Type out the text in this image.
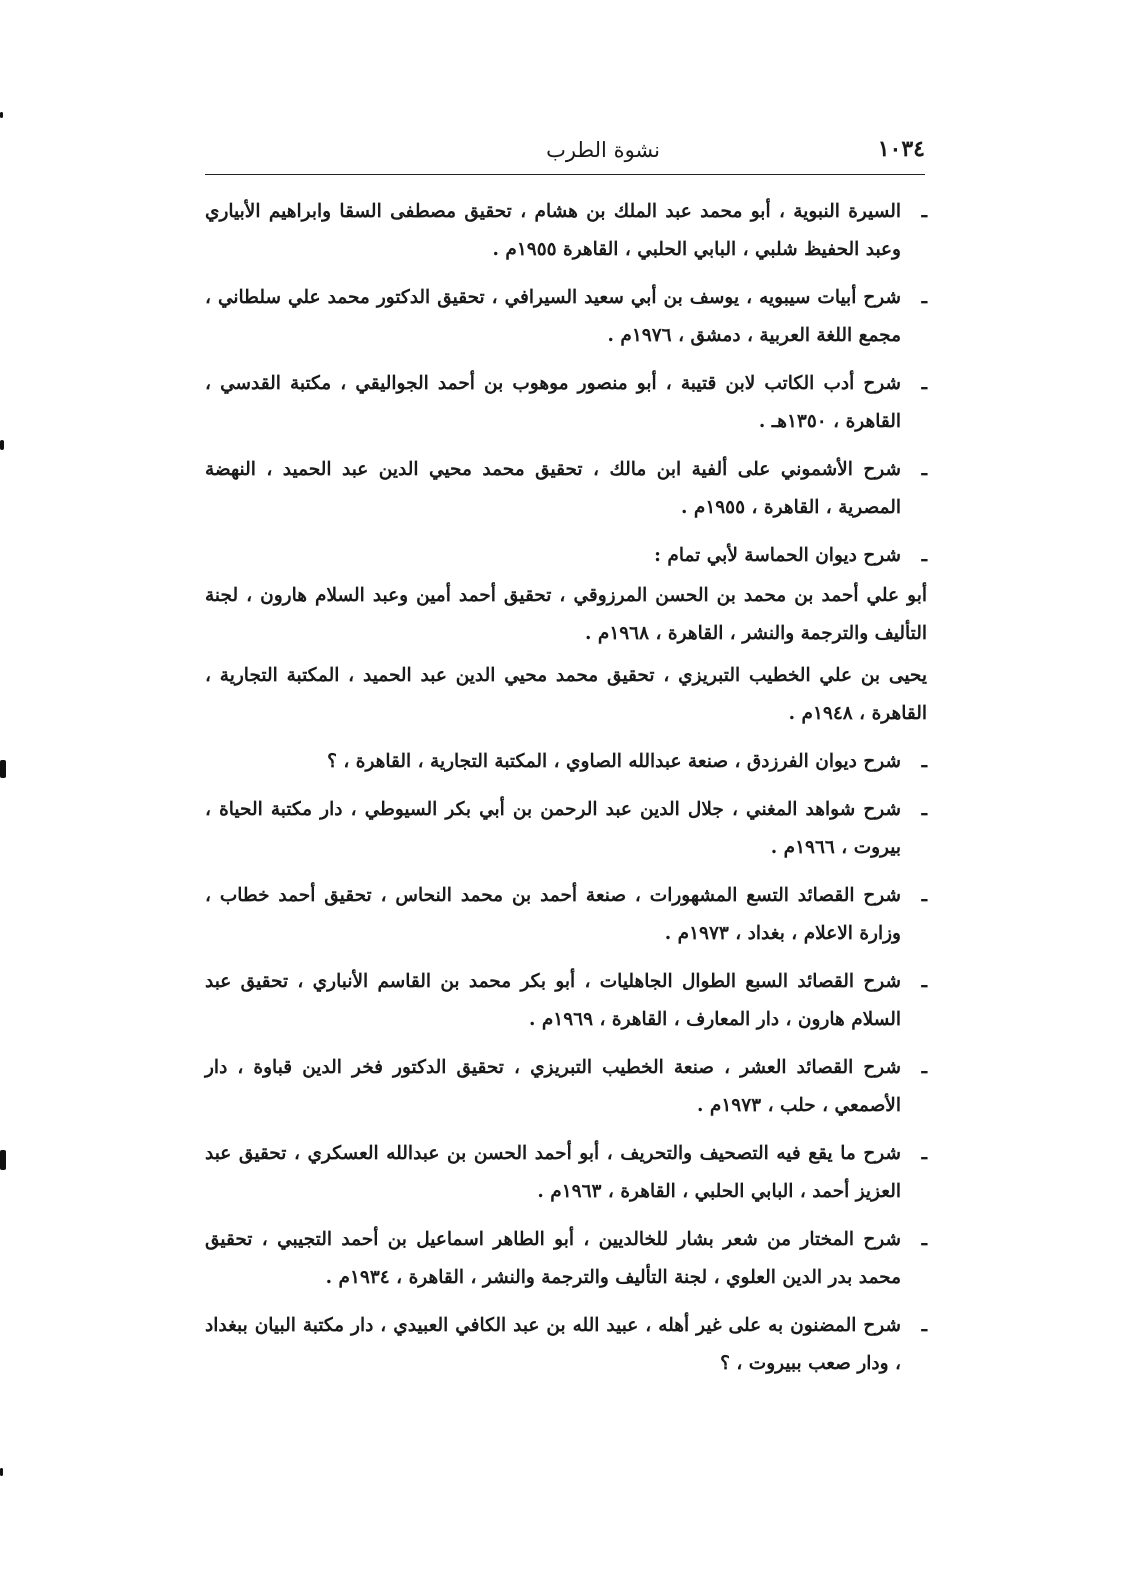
١٠٣٤
نشوة الطرب
ـ
السيرة النبوية ، أبو محمد عبد الملك بن هشام ، تحقيق مصطفى السقا وابراهيم الأبياري وعبد الحفيظ شلبي ، البابي الحلبي ، القاهرة ١٩٥٥م .
ـ
شرح أبيات سيبويه ، يوسف بن أبي سعيد السيرافي ، تحقيق الدكتور محمد علي سلطاني ، مجمع اللغة العربية ، دمشق ، ١٩٧٦م .
ـ
شرح أدب الكاتب لابن قتيبة ، أبو منصور موهوب بن أحمد الجواليقي ، مكتبة القدسي ، القاهرة ، ١٣٥٠هـ .
ـ
شرح الأشموني على ألفية ابن مالك ، تحقيق محمد محيي الدين عبد الحميد ، النهضة المصرية ، القاهرة ، ١٩٥٥م .
ـ
شرح ديوان الحماسة لأبي تمام :
أبو علي أحمد بن محمد بن الحسن المرزوقي ، تحقيق أحمد أمين وعبد السلام هارون ، لجنة التأليف والترجمة والنشر ، القاهرة ، ١٩٦٨م .
يحيى بن علي الخطيب التبريزي ، تحقيق محمد محيي الدين عبد الحميد ، المكتبة التجارية ، القاهرة ، ١٩٤٨م .
ـ
شرح ديوان الفرزدق ، صنعة عبدالله الصاوي ، المكتبة التجارية ، القاهرة ، ؟
ـ
شرح شواهد المغني ، جلال الدين عبد الرحمن بن أبي بكر السيوطي ، دار مكتبة الحياة ، بيروت ، ١٩٦٦م .
ـ
شرح القصائد التسع المشهورات ، صنعة أحمد بن محمد النحاس ، تحقيق أحمد خطاب ، وزارة الاعلام ، بغداد ، ١٩٧٣م .
ـ
شرح القصائد السبع الطوال الجاهليات ، أبو بكر محمد بن القاسم الأنباري ، تحقيق عبد السلام هارون ، دار المعارف ، القاهرة ، ١٩٦٩م .
ـ
شرح القصائد العشر ، صنعة الخطيب التبريزي ، تحقيق الدكتور فخر الدين قباوة ، دار الأصمعي ، حلب ، ١٩٧٣م .
ـ
شرح ما يقع فيه التصحيف والتحريف ، أبو أحمد الحسن بن عبدالله العسكري ، تحقيق عبد العزيز أحمد ، البابي الحلبي ، القاهرة ، ١٩٦٣م .
ـ
شرح المختار من شعر بشار للخالديين ، أبو الطاهر اسماعيل بن أحمد التجيبي ، تحقيق محمد بدر الدين العلوي ، لجنة التأليف والترجمة والنشر ، القاهرة ، ١٩٣٤م .
ـ
شرح المضنون به على غير أهله ، عبيد الله بن عبد الكافي العبيدي ، دار مكتبة البيان ببغداد ، ودار صعب ببيروت ، ؟
